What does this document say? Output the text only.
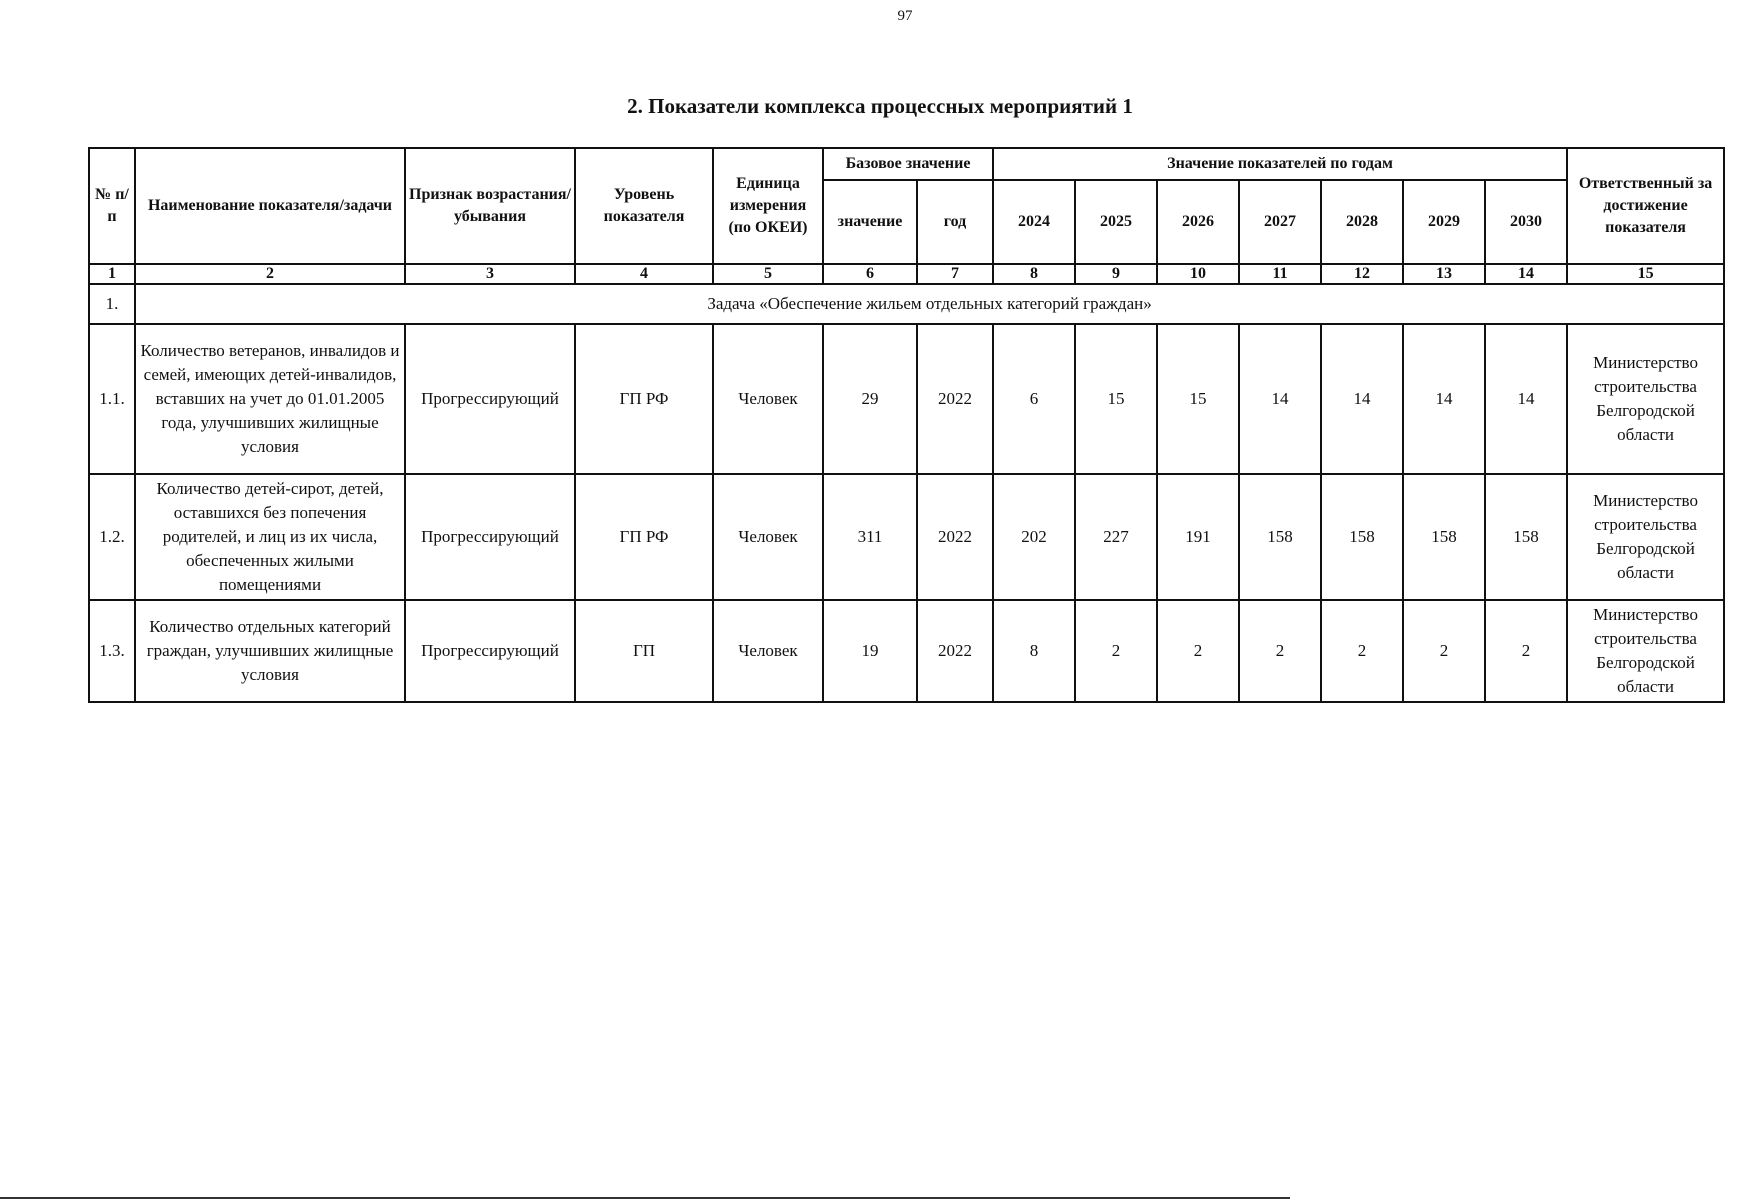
97
2. Показатели комплекса процессных мероприятий 1
№ п/п	Наименование показателя/задачи	Признак возрастания/ убывания	Уровень показателя	Единица измерения (по ОКЕИ)	Базовое значение		Значение показателей по годам							Ответственный за достижение показателя
					значение	год	2024	2025	2026	2027	2028	2029	2030	
1	2	3	4	5	6	7	8	9	10	11	12	13	14	15
1.	Задача «Обеспечение жильем отдельных категорий граждан»													
1.1.	Количество ветеранов, инвалидов и семей, имеющих детей-инвалидов, вставших на учет до 01.01.2005 года, улучшивших жилищные условия	Прогрессирующий	ГП РФ	Человек	29	2022	6	15	15	14	14	14	14	Министерство строительства Белгородской области
1.2.	Количество детей-сирот, детей, оставшихся без попечения родителей, и лиц из их числа, обеспеченных жилыми помещениями	Прогрессирующий	ГП РФ	Человек	311	2022	202	227	191	158	158	158	158	Министерство строительства Белгородской области
1.3.	Количество отдельных категорий граждан, улучшивших жилищные условия	Прогрессирующий	ГП	Человек	19	2022	8	2	2	2	2	2	2	Министерство строительства Белгородской области
